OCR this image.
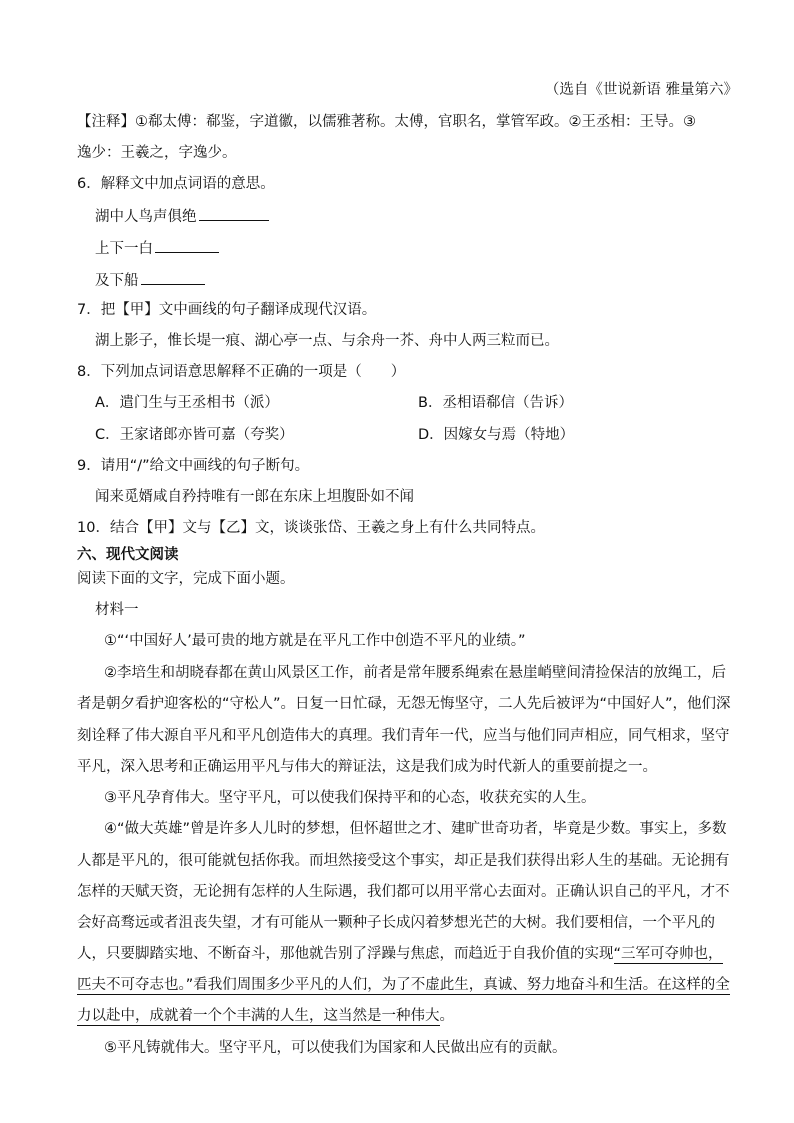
（选自《世说新语 雅量第六》
【注释】①郗太傅：郗鉴，字道徽，以儒雅著称。太傅，官职名，掌管军政。②王丞相：王导。③
逸少：王羲之，字逸少。
6．解释文中加点词语的意思。
湖中人鸟声俱绝
上下一白
及下船
7．把【甲】文中画线的句子翻译成现代汉语。
湖上影子，惟长堤一痕、湖心亭一点、与余舟一芥、舟中人两三粒而已。
8．下列加点词语意思解释不正确的一项是（　　）
A．遣门生与王丞相书（派）	B．丞相语郗信（告诉）
C．王家诸郎亦皆可嘉（夸奖）	D．因嫁女与焉（特地）
9．请用“/”给文中画线的句子断句。
闻来觅婿咸自矜持唯有一郎在东床上坦腹卧如不闻
10．结合【甲】文与【乙】文，谈谈张岱、王羲之身上有什么共同特点。
六、现代文阅读
阅读下面的文字，完成下面小题。
材料一
①“‘中国好人’最可贵的地方就是在平凡工作中创造不平凡的业绩。”
②李培生和胡晓春都在黄山风景区工作，前者是常年腰系绳索在悬崖峭壁间清捡保洁的放绳工，后
者是朝夕看护迎客松的“守松人”。日复一日忙碌，无怨无悔坚守，二人先后被评为“中国好人”，他们深
刻诠释了伟大源自平凡和平凡创造伟大的真理。我们青年一代，应当与他们同声相应，同气相求，坚守
平凡，深入思考和正确运用平凡与伟大的辩证法，这是我们成为时代新人的重要前提之一。
③平凡孕育伟大。坚守平凡，可以使我们保持平和的心态，收获充实的人生。
④“做大英雄”曾是许多人儿时的梦想，但怀超世之才、建旷世奇功者，毕竟是少数。事实上，多数
人都是平凡的，很可能就包括你我。而坦然接受这个事实，却正是我们获得出彩人生的基础。无论拥有
怎样的天赋天资，无论拥有怎样的人生际遇，我们都可以用平常心去面对。正确认识自己的平凡，才不
会好高骛远或者沮丧失望，才有可能从一颗种子长成闪着梦想光芒的大树。我们要相信，一个平凡的
人，只要脚踏实地、不断奋斗，那他就告别了浮躁与焦虑，而趋近于自我价值的实现“三军可夺帅也，
匹夫不可夺志也。”看我们周围多少平凡的人们，为了不虚此生，真诚、努力地奋斗和生活。在这样的全
力以赴中，成就着一个个丰满的人生，这当然是一种伟大。
⑤平凡铸就伟大。坚守平凡，可以使我们为国家和人民做出应有的贡献。
